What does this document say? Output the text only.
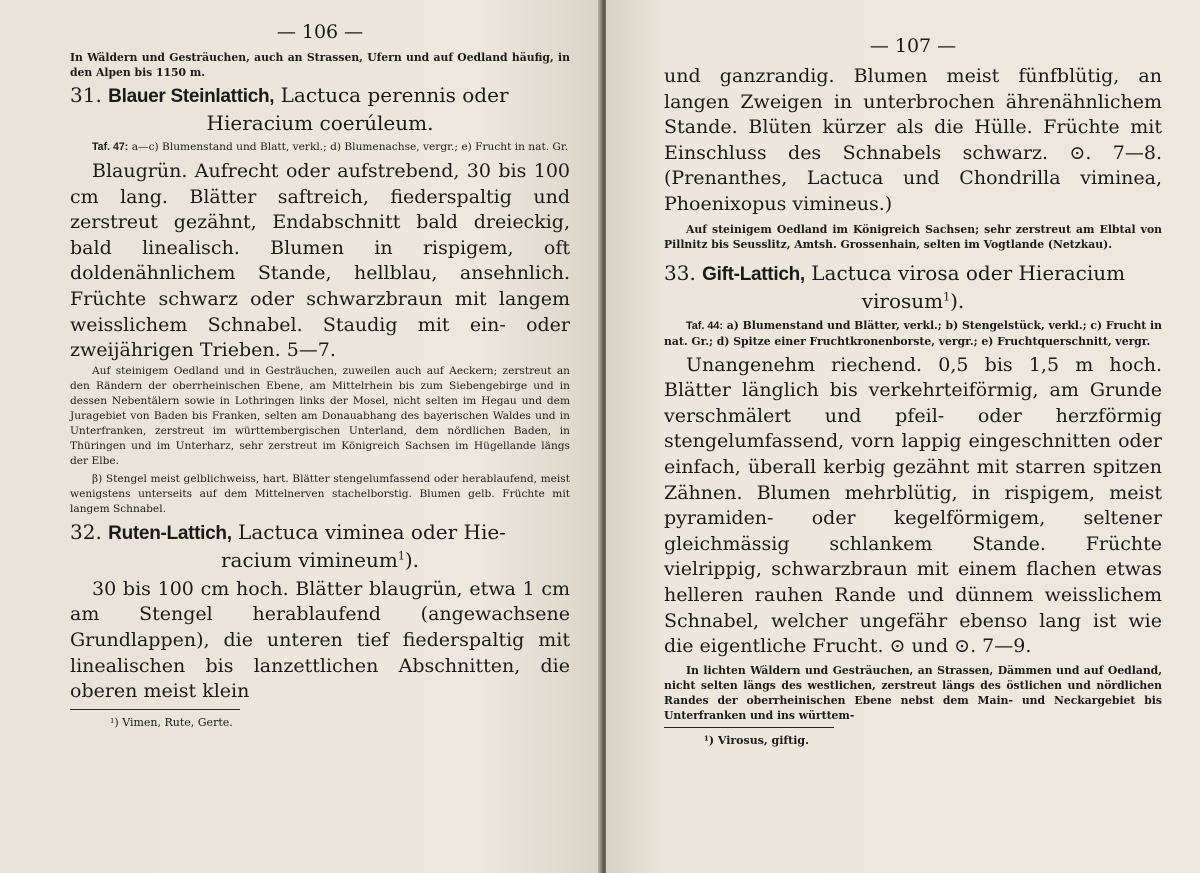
— 106 —

In Wäldern und Gesträuchen, auch an Strassen, Ufern und auf Oedland häufig, in den Alpen bis 1150 m.

31. Blauer Steinlattich, Lactuca perennis oder
Hieracium coerúleum.

Taf. 47: a—c) Blumenstand und Blatt, verkl.; d) Blumenachse, vergr.; e) Frucht in nat. Gr.

Blaugrün. Aufrecht oder aufstrebend, 30 bis 100 cm lang. Blätter saftreich, fiederspaltig und zerstreut gezähnt, Endabschnitt bald dreieckig, bald linealisch. Blumen in rispigem, oft doldenähnlichem Stande, hellblau, ansehnlich. Früchte schwarz oder schwarzbraun mit langem weisslichem Schnabel. Staudig mit ein- oder zweijährigen Trieben. 5—7.

Auf steinigem Oedland und in Gesträuchen, zuweilen auch auf Aeckern; zerstreut an den Rändern der oberrheinischen Ebene, am Mittelrhein bis zum Siebengebirge und in dessen Nebentälern sowie in Lothringen links der Mosel, nicht selten im Hegau und dem Juragebiet von Baden bis Franken, selten am Donauabhang des bayerischen Waldes und in Unterfranken, zerstreut im württembergischen Unterland, dem nördlichen Baden, in Thüringen und im Unterharz, sehr zerstreut im Königreich Sachsen im Hügellande längs der Elbe.

β) Stengel meist gelblichweiss, hart. Blätter stengelumfassend oder herablaufend, meist wenigstens unterseits auf dem Mittelnerven stachelborstig. Blumen gelb. Früchte mit langem Schnabel.

32. Ruten-Lattich, Lactuca viminea oder Hie-
racium vimineum$^1$).

30 bis 100 cm hoch. Blätter blaugrün, etwa 1 cm am Stengel herablaufend (angewachsene Grundlappen), die unteren tief fiederspaltig mit linealischen bis lanzettlichen Abschnitten, die oberen meist klein

¹) Vimen, Rute, Gerte.

— 107 —

und ganzrandig. Blumen meist fünfblütig, an langen Zweigen in unterbrochen ährenähnlichem Stande. Blüten kürzer als die Hülle. Früchte mit Einschluss des Schnabels schwarz. ⊙. 7—8. (Prenanthes, Lactuca und Chondrilla viminea, Phoenixopus vimineus.)

Auf steinigem Oedland im Königreich Sachsen; sehr zerstreut am Elbtal von Pillnitz bis Seusslitz, Amtsh. Grossenhain, selten im Vogtlande (Netzkau).

33. Gift-Lattich, Lactuca virosa oder Hieracium
virosum$^1$).

Taf. 44: a) Blumenstand und Blätter, verkl.; b) Stengelstück, verkl.; c) Frucht in nat. Gr.; d) Spitze einer Fruchtkronenborste, vergr.; e) Fruchtquerschnitt, vergr.

Unangenehm riechend. 0,5 bis 1,5 m hoch. Blätter länglich bis verkehrteiförmig, am Grunde verschmälert und pfeil- oder herzförmig stengelumfassend, vorn lappig eingeschnitten oder einfach, überall kerbig gezähnt mit starren spitzen Zähnen. Blumen mehrblütig, in rispigem, meist pyramiden- oder kegelförmigem, seltener gleichmässig schlankem Stande. Früchte vielrippig, schwarzbraun mit einem flachen etwas helleren rauhen Rande und dünnem weisslichem Schnabel, welcher ungefähr ebenso lang ist wie die eigentliche Frucht. ⊙ und ⊙. 7—9.

In lichten Wäldern und Gesträuchen, an Strassen, Dämmen und auf Oedland, nicht selten längs des westlichen, zerstreut längs des östlichen und nördlichen Randes der oberrheinischen Ebene nebst dem Main- und Neckargebiet bis Unterfranken und ins württem-

¹) Virosus, giftig.
